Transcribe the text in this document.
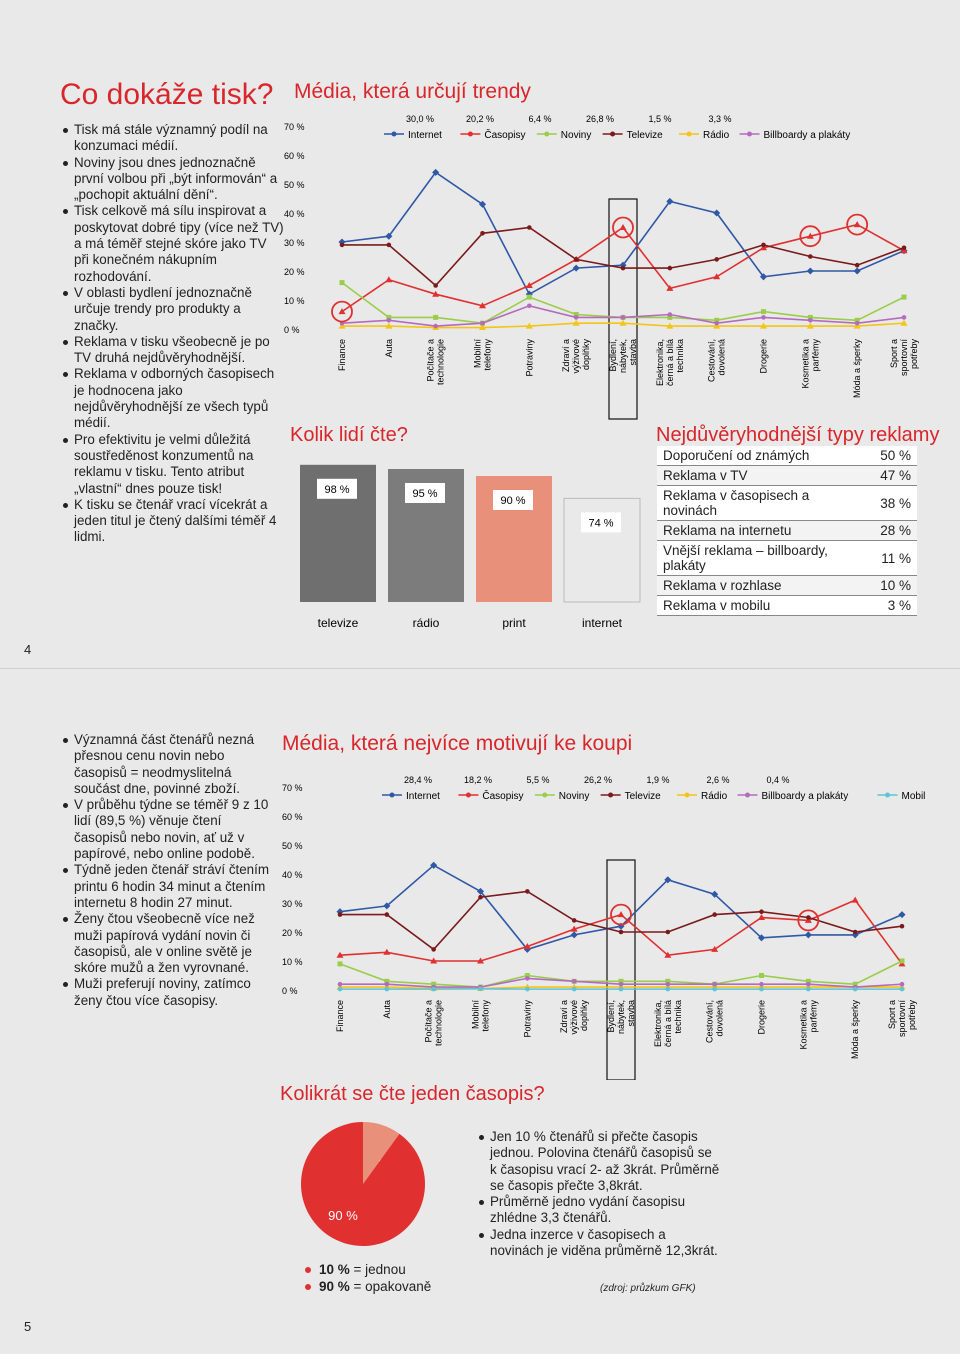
Co dokáže tisk?
Tisk má stále významný podíl na konzumaci médií.
Noviny jsou dnes jednoznačně první volbou při „být informován“ a „pochopit aktuální dění“.
Tisk celkově má sílu inspirovat a poskytovat dobré tipy (více než TV) a má téměř stejné skóre jako TV při konečném nákupním rozhodování.
V oblasti bydlení jednoznačně určuje trendy pro produkty a značky.
Reklama v tisku všeobecně je po TV druhá nejdůvěryhodnější.
Reklama v odborných časopisech je hodnocena jako nejdůvěryhodnější ze všech typů médií.
Pro efektivitu je velmi důležitá soustředěnost konzumentů na reklamu v tisku. Tento atribut „vlastní“ dnes pouze tisk!
K tisku se čtenář vrací vícekrát a jeden titul je čtený dalšími téměř 4 lidmi.
4
Média, která určují trendy
70 %
60 %
50 %
40 %
30 %
20 %
10 %
0 %
30,0 %	20,2 %	6,4 %	26,8 %	1,5 %	3,3 %
Internet	Časopisy	Noviny	Televize	Rádio	Billboardy a plakáty
Finance	Auta	Počítače a technologie	Mobilní telefony	Potraviny	Zdraví a výživové doplňky Bydlení, nábytek, stavba Elektronika, černá a bílá technika Cestování, dovolená	Drogerie	Kosmetika a parfémy	Móda a šperky	Sport a sportovní potřeby
Kolik lidí čte?
98 %
televize
95 %
rádio
90 %
print
74 %
internet
Nejdůvěryhodnější typy reklamy
Doporučení od známých	50 %
Reklama v TV	47 %
Reklama v časopisech a novinách	38 %
Reklama na internetu	28 %
Vnější reklama – billboardy, plakáty	11 %
Reklama v rozhlase	10 %
Reklama v mobilu	3 %
Významná část čtenářů nezná přesnou cenu novin nebo časopisů = neodmyslitelná součást dne, povinné zboží.
V průběhu týdne se téměř 9 z 10 lidí (89,5 %) věnuje čtení časopisů nebo novin, ať už v papírové, nebo online podobě.
Týdně jeden čtenář stráví čtením printu 6 hodin 34 minut a čtením internetu 8 hodin 27 minut.
Ženy čtou všeobecně více než muži papírová vydání novin či časopisů, ale v online světě je skóre mužů a žen vyrovnané.
Muži preferují noviny, zatímco ženy čtou více časopisy.
Média, která nejvíce motivují ke koupi
70 %
60 %
50 %
40 %
30 %
20 %
10 %
0 %
28,4 %	18,2 %	5,5 %	26,2 %	1,9 %	2,6 %	0,4 %
Internet	Časopisy	Noviny	Televize	Rádio	Billboardy a plakáty	Mobil
Finance	Auta	Počítače a technologie	Mobilní telefony	Potraviny	Zdraví a výživové doplňky Bydlení, nábytek, stavba Elektronika, černá a bílá technika Cestování, dovolená	Drogerie	Kosmetika a parfémy	Móda a šperky	Sport a sportovní potřeby
Kolikrát se čte jeden časopis?
90 %
10 % = jednou
90 % = opakovaně
Jen 10 % čtenářů si přečte časopis jednou. Polovina čtenářů časopisů se k časopisu vrací 2- až 3krát. Průměrně se časopis přečte 3,8krát.
Průměrně jedno vydání časopisu zhlédne 3,3 čtenářů.
Jedna inzerce v časopisech a novinách je viděna průměrně 12,3krát.
(zdroj: průzkum GFK)
5
